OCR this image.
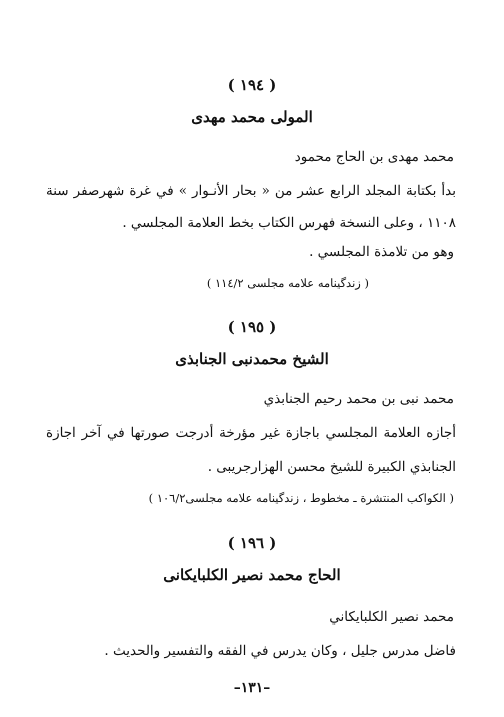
( ١٩٤ )
المولى محمد مهدى
محمد مهدى بن الحاج محمود
بدأ بكتابة المجلد الرابع عشر من « بحار الأنـوار » في غرة شهرصفر سنة
١١٠٨ ، وعلى النسخة فهرس الكتاب بخط العلامة المجلسي .
وهو من تلامذة المجلسي .
( زندگينامه علامه مجلسى ١١٤/٢ )
( ١٩٥ )
الشيخ محمدنبى الجنابذى
محمد نبى بن محمد رحيم الجنابذي
أجازه العلامة المجلسي باجازة غير مؤرخة أدرجت صورتها في آخر اجازة
الجنابذي الكبيرة للشيخ محسن الهزارجريبى .
( الكواكب المنتشرة ـ مخطوط ، زندگينامه علامه مجلسى١٠٦/٢ )
( ١٩٦ )
الحاج محمد نصير الكلبايكانى
محمد نصير الكلبايكاني
فاضل مدرس جليل ، وكان يدرس في الفقه والتفسير والحديث .
–١٣١–
